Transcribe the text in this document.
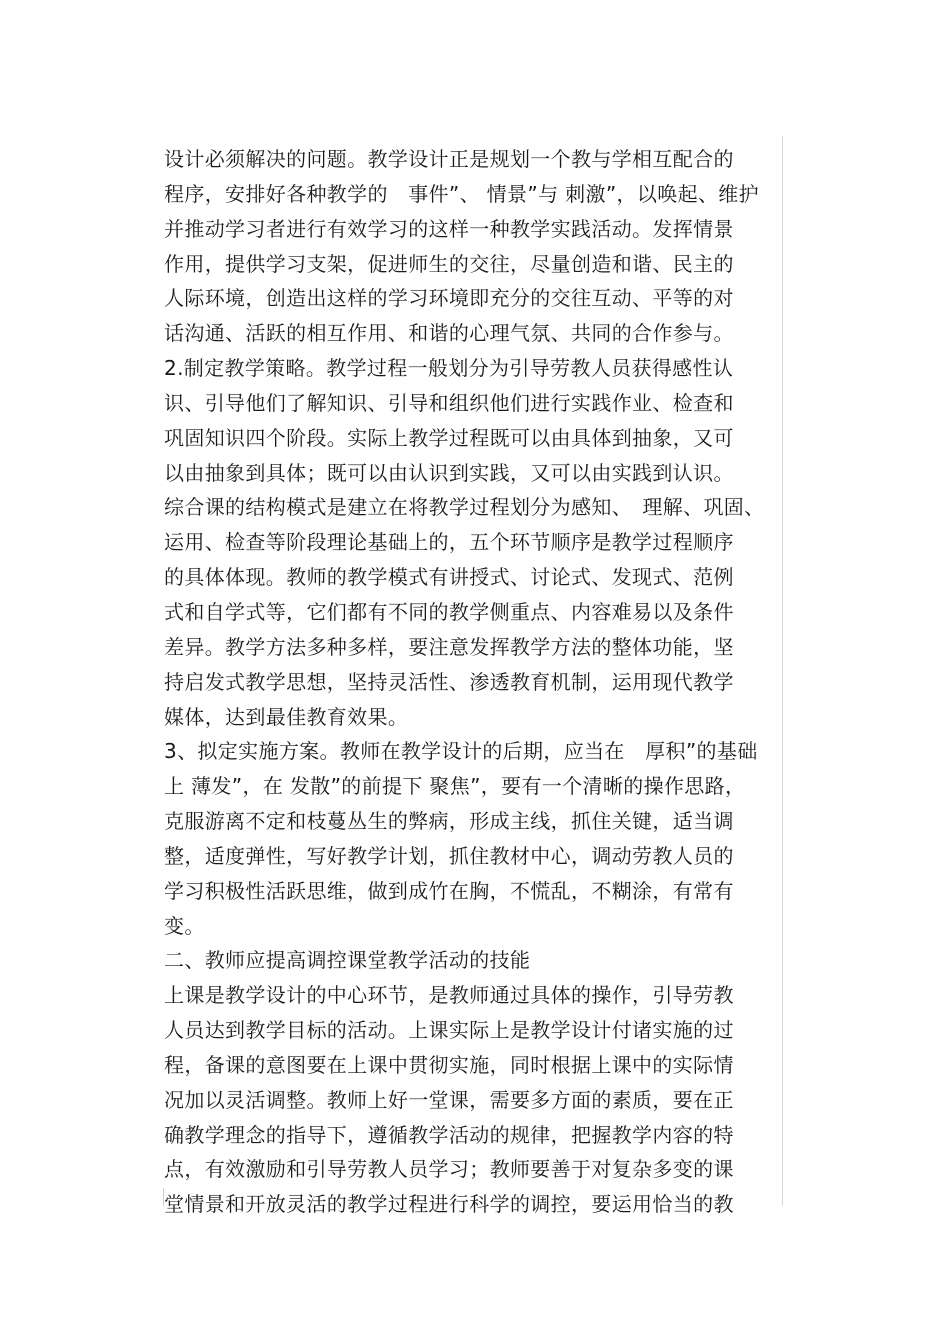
设计必须解决的问题。教学设计正是规划一个教与学相互配合的
程序，安排好各种教学的　事件”、 情景”与 刺激”，以唤起、维护
并推动学习者进行有效学习的这样一种教学实践活动。发挥情景
作用，提供学习支架，促进师生的交往，尽量创造和谐、民主的
人际环境，创造出这样的学习环境即充分的交往互动、平等的对
话沟通、活跃的相互作用、和谐的心理气氛、共同的合作参与。
2.制定教学策略。教学过程一般划分为引导劳教人员获得感性认
识、引导他们了解知识、引导和组织他们进行实践作业、检查和
巩固知识四个阶段。实际上教学过程既可以由具体到抽象，又可
以由抽象到具体；既可以由认识到实践，又可以由实践到认识。
综合课的结构模式是建立在将教学过程划分为感知、　理解、巩固、
运用、检查等阶段理论基础上的，五个环节顺序是教学过程顺序
的具体体现。教师的教学模式有讲授式、讨论式、发现式、范例
式和自学式等，它们都有不同的教学侧重点、内容难易以及条件
差异。教学方法多种多样，要注意发挥教学方法的整体功能，坚
持启发式教学思想，坚持灵活性、渗透教育机制，运用现代教学
媒体，达到最佳教育效果。
3、拟定实施方案。教师在教学设计的后期，应当在　厚积”的基础
上 薄发”，在 发散”的前提下 聚焦”，要有一个清晰的操作思路，
克服游离不定和枝蔓丛生的弊病，形成主线，抓住关键，适当调
整，适度弹性，写好教学计划，抓住教材中心，调动劳教人员的
学习积极性活跃思维，做到成竹在胸，不慌乱，不糊涂，有常有
变。
二、教师应提高调控课堂教学活动的技能
上课是教学设计的中心环节，是教师通过具体的操作，引导劳教
人员达到教学目标的活动。上课实际上是教学设计付诸实施的过
程，备课的意图要在上课中贯彻实施，同时根据上课中的实际情
况加以灵活调整。教师上好一堂课，需要多方面的素质，要在正
确教学理念的指导下，遵循教学活动的规律，把握教学内容的特
点，有效激励和引导劳教人员学习；教师要善于对复杂多变的课
堂情景和开放灵活的教学过程进行科学的调控，要运用恰当的教
